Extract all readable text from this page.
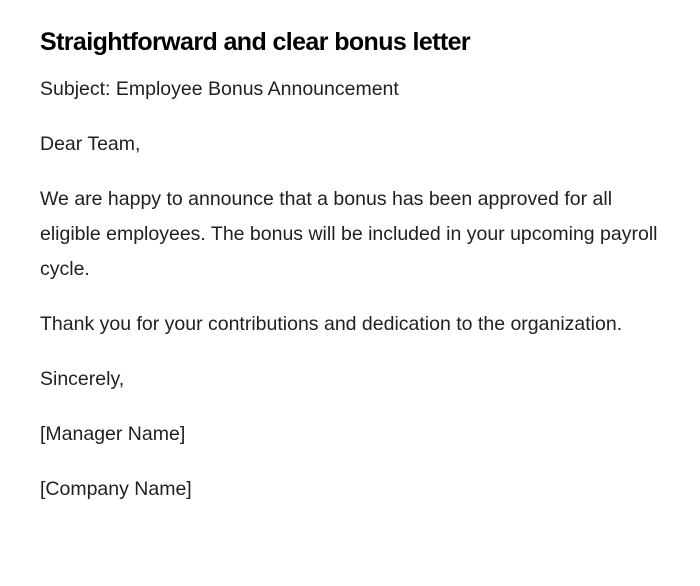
Straightforward and clear bonus letter

Subject: Employee Bonus Announcement

Dear Team,

We are happy to announce that a bonus has been approved for all eligible employees. The bonus will be included in your upcoming payroll cycle.

Thank you for your contributions and dedication to the organization.

Sincerely,

[Manager Name]

[Company Name]
